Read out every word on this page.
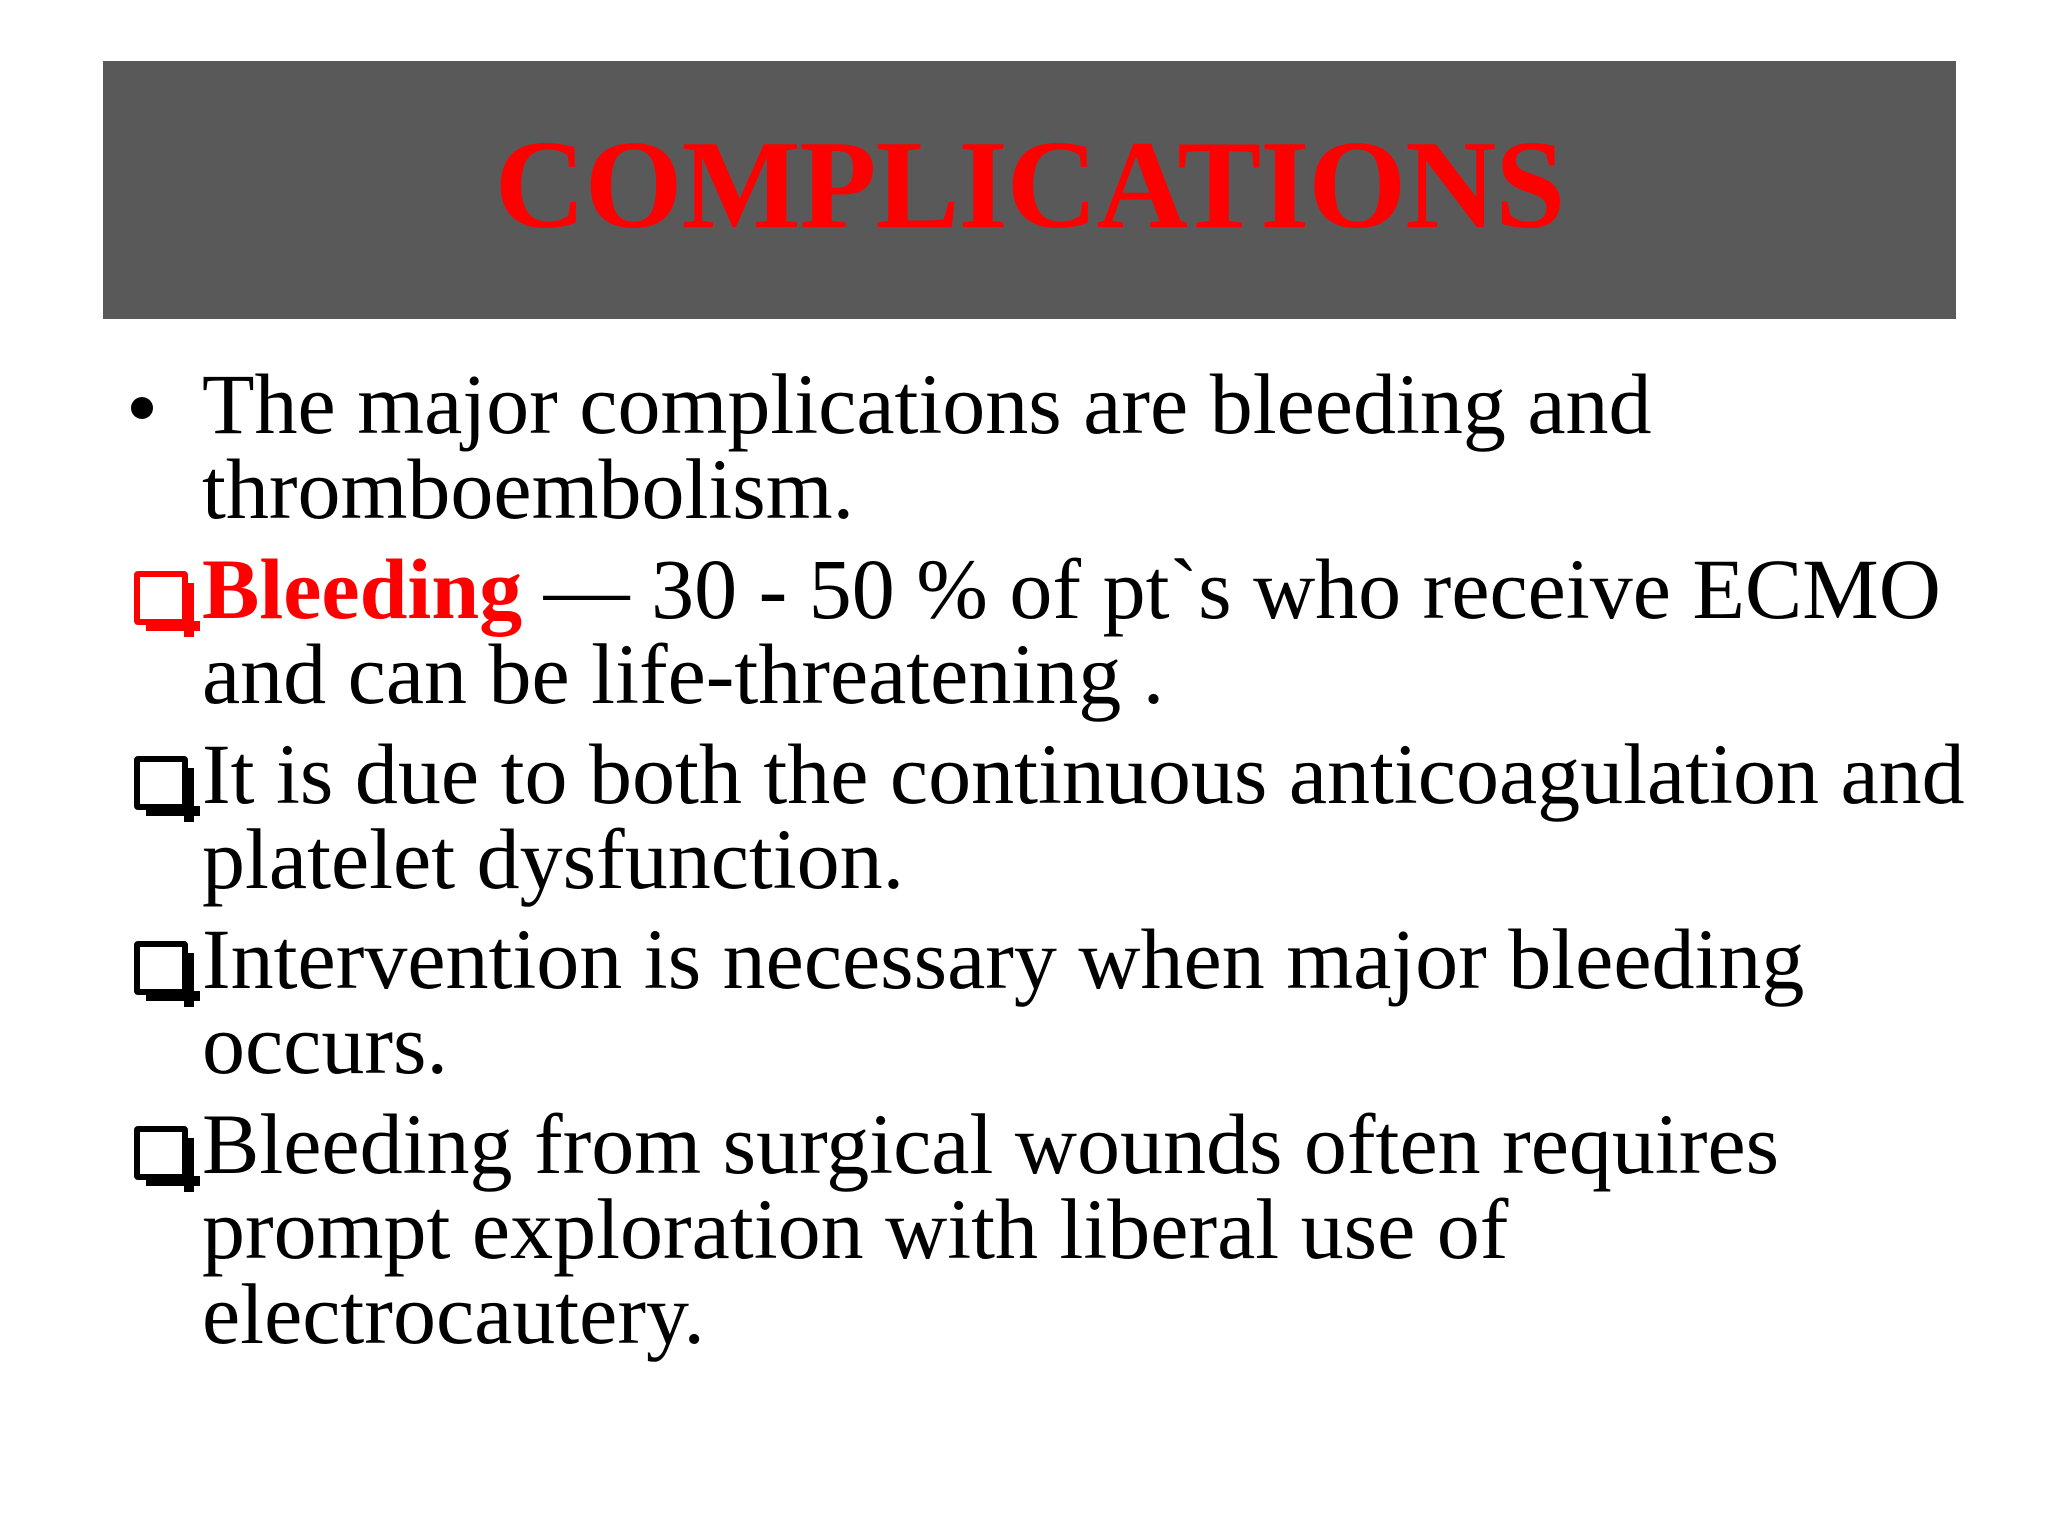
COMPLICATIONS
The major complications are bleeding and thromboembolism.
Bleeding — 30 - 50 % of pt`s who receive ECMO and can be life-threatening .
It is due to both the continuous anticoagulation and platelet dysfunction.
Intervention is necessary when major bleeding occurs.
Bleeding from surgical wounds often requires prompt exploration with liberal use of electrocautery.
